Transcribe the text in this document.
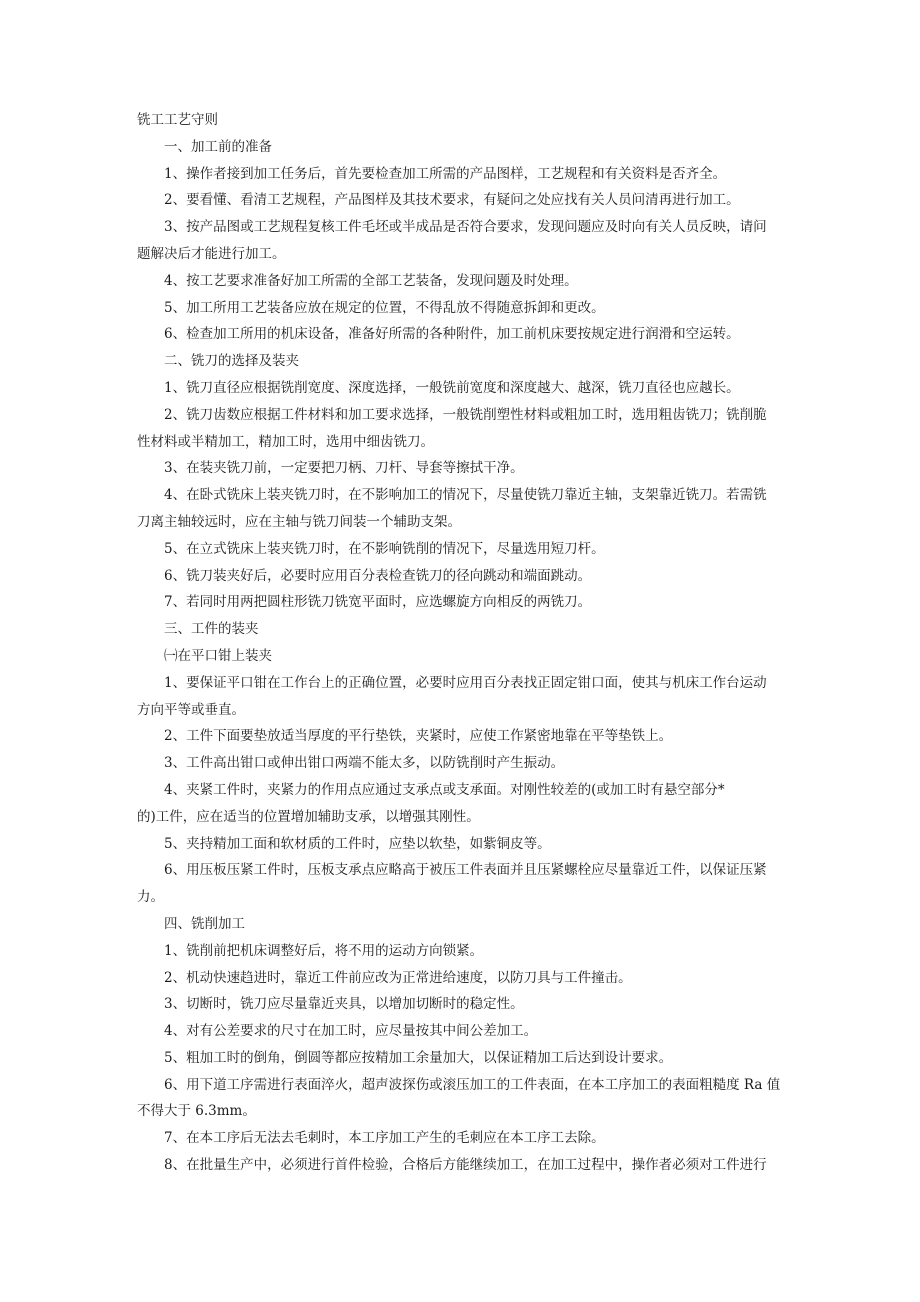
铣工工艺守则
一、加工前的准备
1、操作者接到加工任务后，首先要检查加工所需的产品图样，工艺规程和有关资料是否齐全。
2、要看懂、看清工艺规程，产品图样及其技术要求，有疑问之处应找有关人员问清再进行加工。
3、按产品图或工艺规程复核工件毛坯或半成品是否符合要求，发现问题应及时向有关人员反映，请问
题解决后才能进行加工。
4、按工艺要求准备好加工所需的全部工艺装备，发现问题及时处理。
5、加工所用工艺装备应放在规定的位置，不得乱放不得随意拆卸和更改。
6、检查加工所用的机床设备，准备好所需的各种附件，加工前机床要按规定进行润滑和空运转。
二、铣刀的选择及装夹
1、铣刀直径应根据铣削宽度、深度选择，一般铣前宽度和深度越大、越深，铣刀直径也应越长。
2、铣刀齿数应根据工件材料和加工要求选择，一般铣削塑性材料或粗加工时，选用粗齿铣刀；铣削脆
性材料或半精加工，精加工时，选用中细齿铣刀。
3、在装夹铣刀前，一定要把刀柄、刀杆、导套等擦拭干净。
4、在卧式铣床上装夹铣刀时，在不影响加工的情况下，尽量使铣刀靠近主轴，支架靠近铣刀。若需铣
刀离主轴较远时，应在主轴与铣刀间装一个辅助支架。
5、在立式铣床上装夹铣刀时，在不影响铣削的情况下，尽量选用短刀杆。
6、铣刀装夹好后，必要时应用百分表检查铣刀的径向跳动和端面跳动。
7、若同时用两把圆柱形铣刀铣宽平面时，应选螺旋方向相反的两铣刀。
三、工件的装夹
㈠在平口钳上装夹
1、要保证平口钳在工作台上的正确位置，必要时应用百分表找正固定钳口面，使其与机床工作台运动
方向平等或垂直。
2、工件下面要垫放适当厚度的平行垫铁，夹紧时，应使工作紧密地靠在平等垫铁上。
3、工件高出钳口或伸出钳口两端不能太多，以防铣削时产生振动。
4、夹紧工件时，夹紧力的作用点应通过支承点或支承面。对刚性较差的(或加工时有悬空部分*
的)工件，应在适当的位置增加辅助支承，以增强其刚性。
5、夹持精加工面和软材质的工件时，应垫以软垫，如紫铜皮等。
6、用压板压紧工件时，压板支承点应略高于被压工件表面并且压紧螺栓应尽量靠近工件，以保证压紧
力。
四、铣削加工
1、铣削前把机床调整好后，将不用的运动方向锁紧。
2、机动快速趋进时，靠近工件前应改为正常进给速度，以防刀具与工件撞击。
3、切断时，铣刀应尽量靠近夹具，以增加切断时的稳定性。
4、对有公差要求的尺寸在加工时，应尽量按其中间公差加工。
5、粗加工时的倒角，倒圆等都应按精加工余量加大，以保证精加工后达到设计要求。
6、用下道工序需进行表面淬火，超声波探伤或滚压加工的工件表面，在本工序加工的表面粗糙度 Ra 值
不得大于 6.3mm。
7、在本工序后无法去毛刺时，本工序加工产生的毛刺应在本工序工去除。
8、在批量生产中，必须进行首件检验，合格后方能继续加工，在加工过程中，操作者必须对工件进行
